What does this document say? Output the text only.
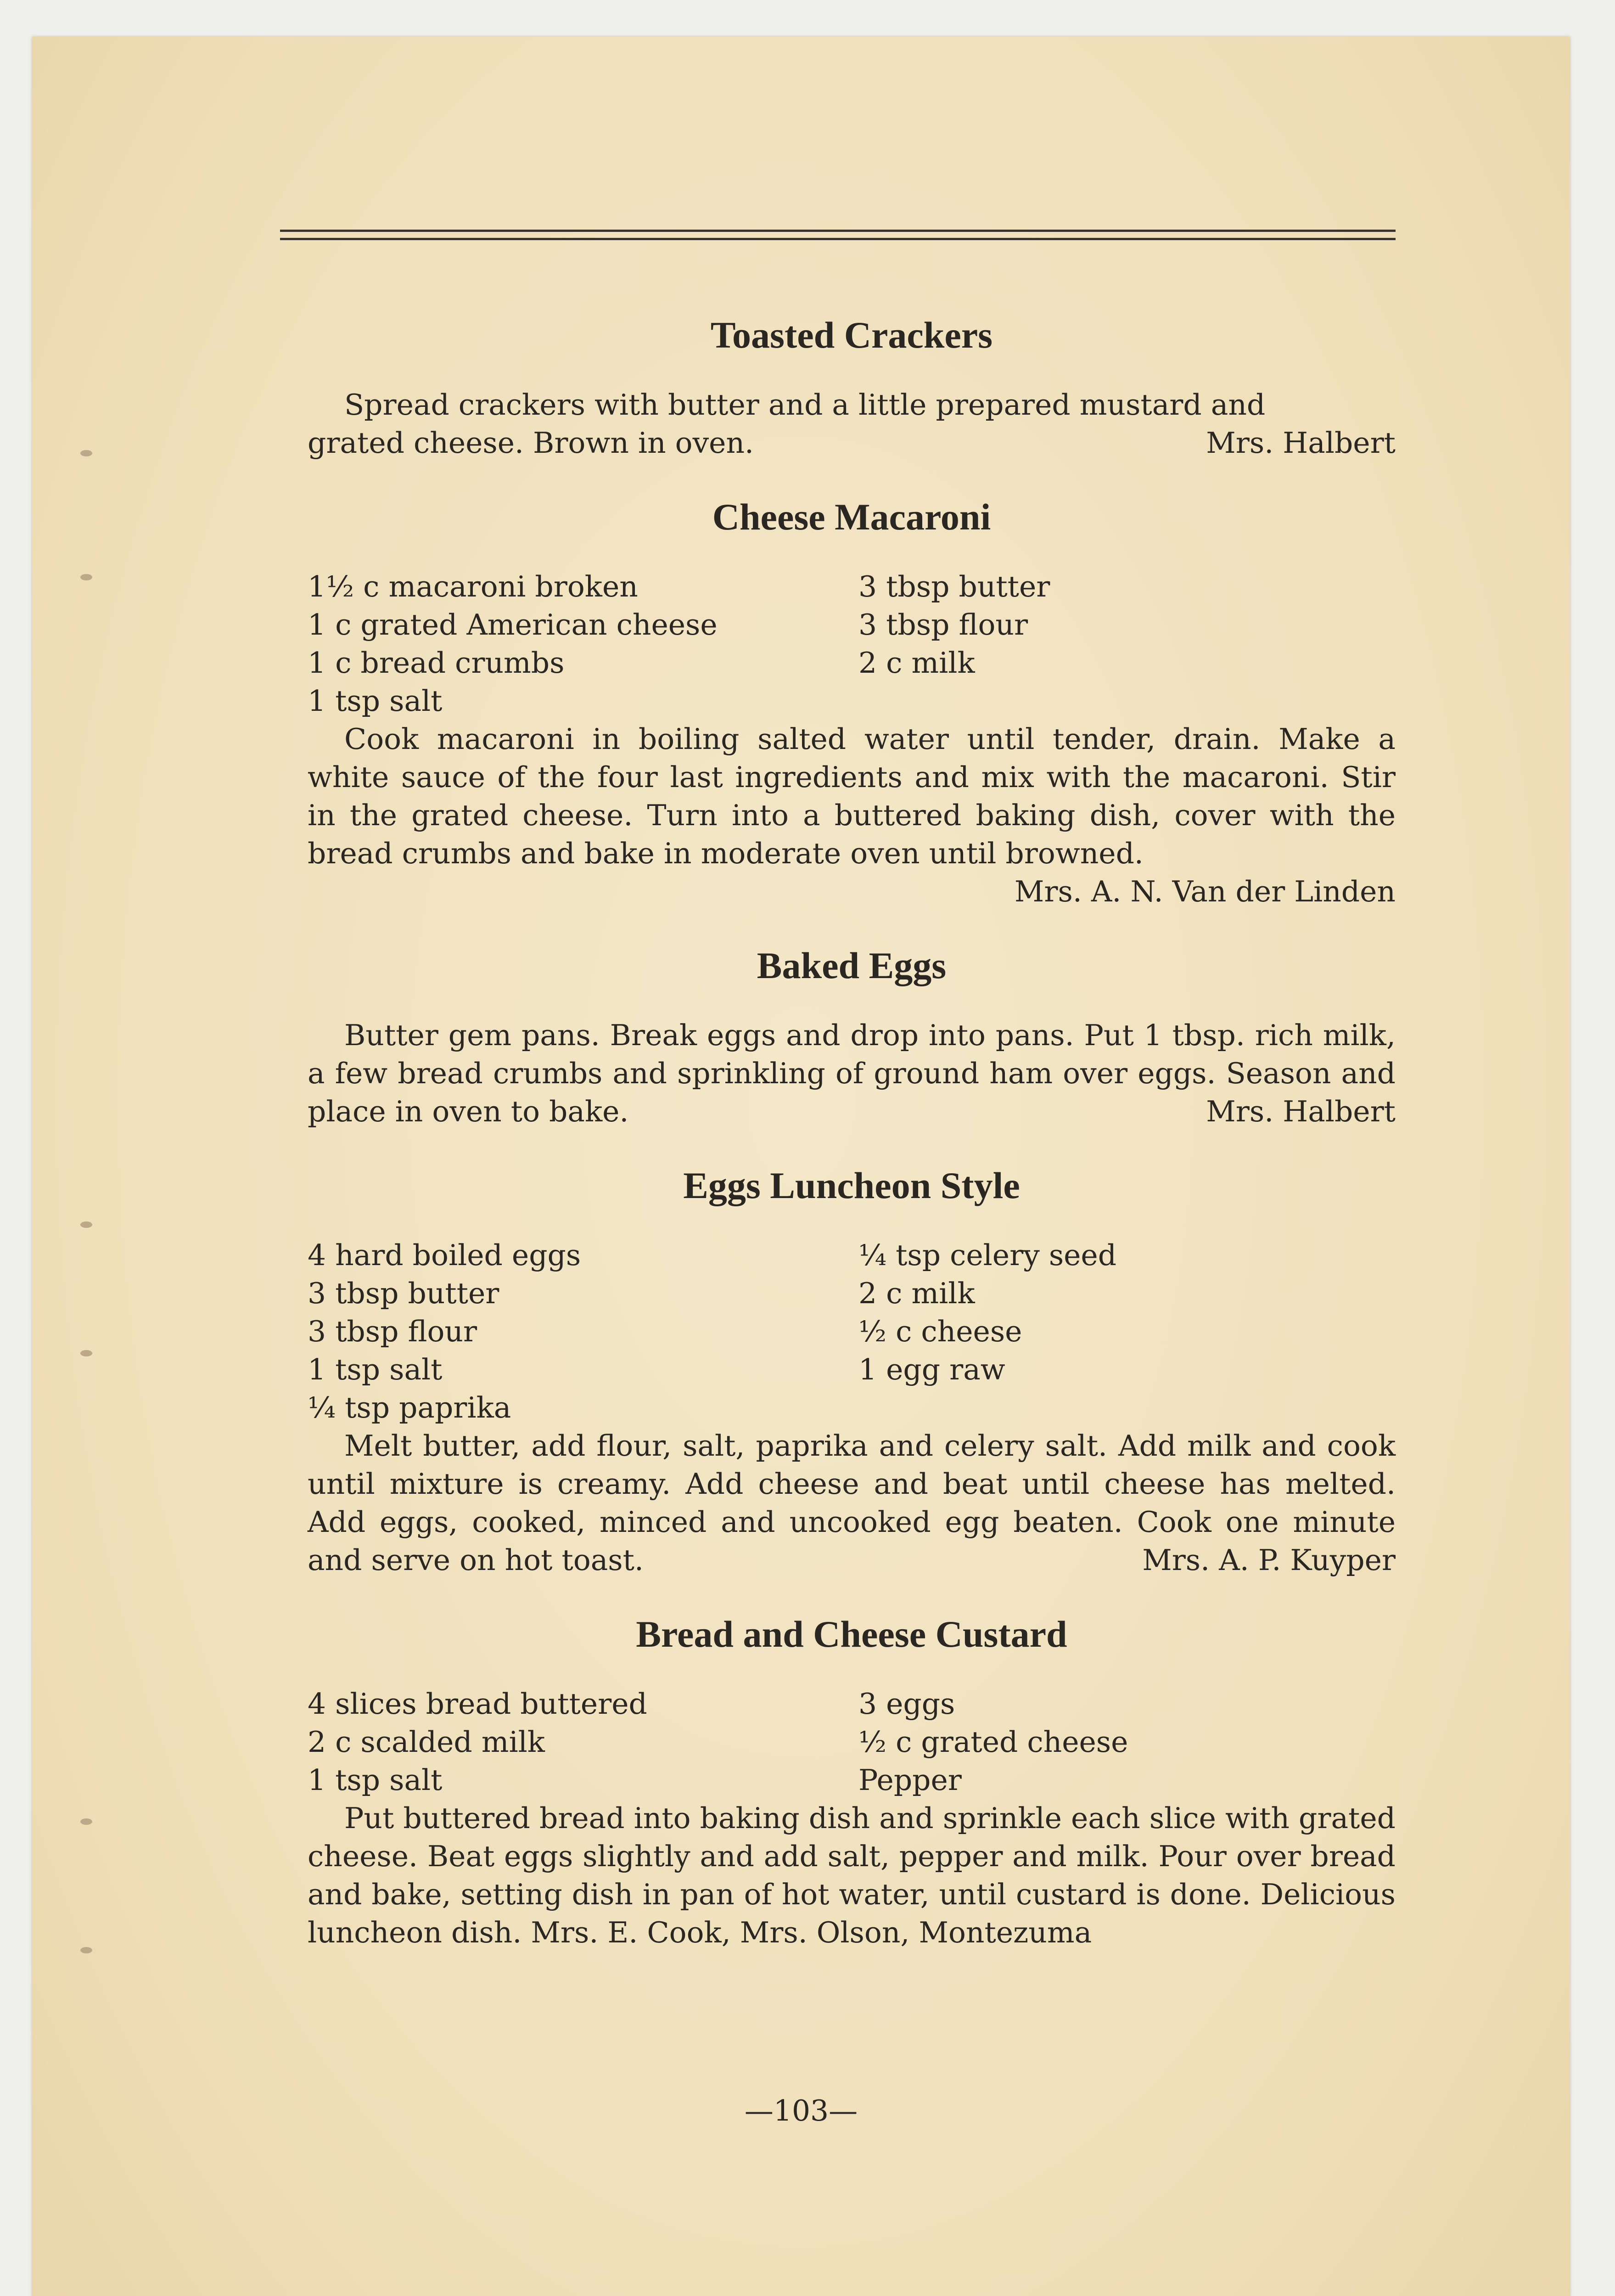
Toasted Crackers

Spread crackers with butter and a little prepared mustard and

grated cheese. Brown in oven.	Mrs. Halbert

Cheese Macaroni
1½ c macaroni broken	3 tbsp butter
1 c grated American cheese	3 tbsp flour
1 c bread crumbs	2 c milk
1 tsp salt

Cook macaroni in boiling salted water until tender, drain. Make a white sauce of the four last ingredients and mix with the macaroni. Stir in the grated cheese. Turn into a buttered baking dish, cover with the bread crumbs and bake in moderate oven until browned.

Mrs. A. N. Van der Linden

Baked Eggs

Butter gem pans. Break eggs and drop into pans. Put 1 tbsp. rich milk, a few bread crumbs and sprinkling of ground ham over eggs. Season and place in oven to bake.	Mrs. Halbert

Eggs Luncheon Style
4 hard boiled eggs	¼ tsp celery seed
3 tbsp butter	2 c milk
3 tbsp flour	½ c cheese
1 tsp salt	1 egg raw
¼ tsp paprika

Melt butter, add flour, salt, paprika and celery salt. Add milk and cook until mixture is creamy. Add cheese and beat until cheese has melted. Add eggs, cooked, minced and uncooked egg beaten. Cook one minute and serve on hot toast.	Mrs. A. P. Kuyper

Bread and Cheese Custard
4 slices bread buttered	3 eggs
2 c scalded milk	½ c grated cheese
1 tsp salt	Pepper

Put buttered bread into baking dish and sprinkle each slice with grated cheese. Beat eggs slightly and add salt, pepper and milk. Pour over bread and bake, setting dish in pan of hot water, until custard is done. Delicious luncheon dish. Mrs. E. Cook, Mrs. Olson, Montezuma

—103—
